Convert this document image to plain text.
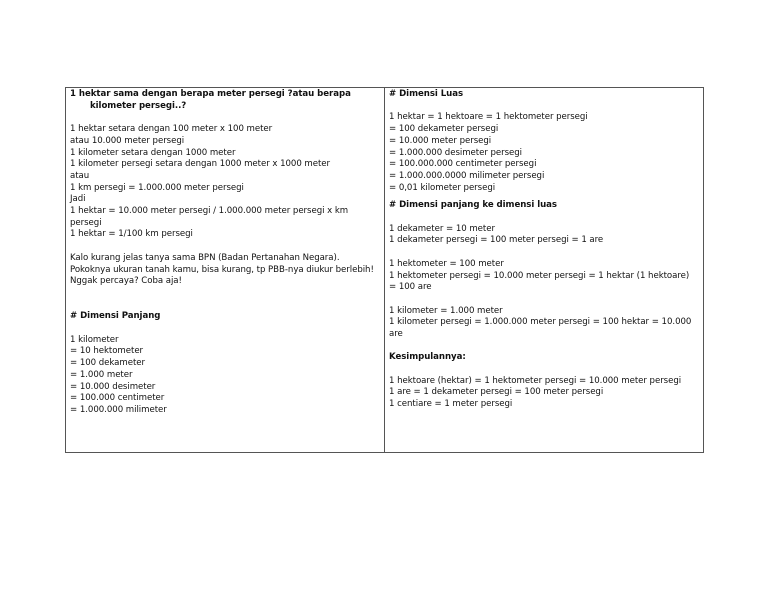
1 hektar sama dengan berapa meter persegi ?atau berapa
kilometer persegi..?
1 hektar setara dengan 100 meter x 100 meter
atau 10.000 meter persegi
1 kilometer setara dengan 1000 meter
1 kilometer persegi setara dengan 1000 meter x 1000 meter
atau
1 km persegi = 1.000.000 meter persegi
Jadi
1 hektar = 10.000 meter persegi / 1.000.000 meter persegi x km
persegi
1 hektar = 1/100 km persegi
Kalo kurang jelas tanya sama BPN (Badan Pertanahan Negara).
Pokoknya ukuran tanah kamu, bisa kurang, tp PBB-nya diukur berlebih!
Nggak percaya? Coba aja!
# Dimensi Panjang
1 kilometer
= 10 hektometer
= 100 dekameter
= 1.000 meter
= 10.000 desimeter
= 100.000 centimeter
= 1.000.000 milimeter
# Dimensi Luas
1 hektar = 1 hektoare = 1 hektometer persegi
= 100 dekameter persegi
= 10.000 meter persegi
= 1.000.000 desimeter persegi
= 100.000.000 centimeter persegi
= 1.000.000.0000 milimeter persegi
= 0,01 kilometer persegi
# Dimensi panjang ke dimensi luas
1 dekameter = 10 meter
1 dekameter persegi = 100 meter persegi = 1 are
1 hektometer = 100 meter
1 hektometer persegi = 10.000 meter persegi = 1 hektar (1 hektoare)
= 100 are
1 kilometer = 1.000 meter
1 kilometer persegi = 1.000.000 meter persegi = 100 hektar = 10.000
are
Kesimpulannya:
1 hektoare (hektar) = 1 hektometer persegi = 10.000 meter persegi
1 are = 1 dekameter persegi = 100 meter persegi
1 centiare = 1 meter persegi
